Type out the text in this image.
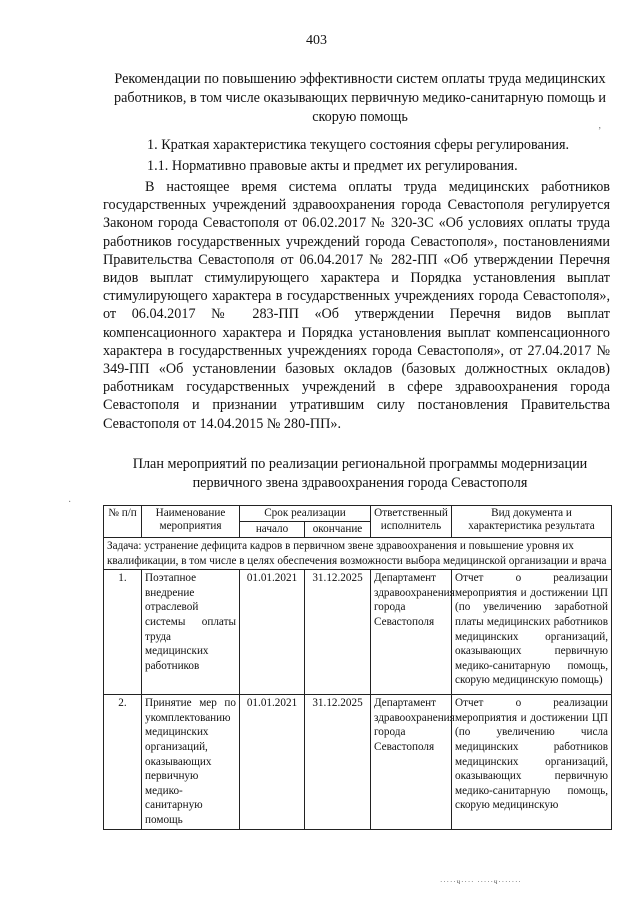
403
Рекомендации по повышению эффективности систем оплаты труда медицинских работников, в том числе оказывающих первичную медико-санитарную помощь и скорую помощь
1. Краткая характеристика текущего состояния сферы регулирования.
1.1. Нормативно правовые акты и предмет их регулирования.
В настоящее время система оплаты труда медицинских работников государственных учреждений здравоохранения города Севастополя регулируется Законом города Севастополя от 06.02.2017 № 320-ЗС «Об условиях оплаты труда работников государственных учреждений города Севастополя», постановлениями Правительства Севастополя от 06.04.2017 № 282-ПП «Об утверждении Перечня видов выплат стимулирующего характера и Порядка установления выплат стимулирующего характера в государственных учреждениях города Севастополя», от 06.04.2017 № 283-ПП «Об утверждении Перечня видов выплат компенсационного характера и Порядка установления выплат компенсационного характера в государственных учреждениях города Севастополя», от 27.04.2017 № 349-ПП «Об установлении базовых окладов (базовых должностных окладов) работникам государственных учреждений в сфере здравоохранения города Севастополя и признании утратившим силу постановления Правительства Севастополя от 14.04.2015 № 280-ПП».
План мероприятий по реализации региональной программы модернизации первичного звена здравоохранения города Севастополя
№ п/п	Наименование мероприятия	Срок реализации		Ответственный исполнитель	Вид документа и характеристика результата
		начало	окончание		
Задача: устранение дефицита кадров в первичном звене здравоохранения и повышение уровня их квалификации, в том числе в целях обеспечения возможности выбора медицинской организации и врача					
1.	Поэтапное внедрение отраслевой системы оплаты труда медицинских работников	01.01.2021	31.12.2025	Департамент здравоохранения города Севастополя	Отчет о реализации мероприятия и достижении ЦП (по увеличению заработной платы медицинских работников медицинских организаций, оказывающих первичную медико-санитарную помощь, скорую медицинскую помощь)
2.	Принятие мер по укомплектованию медицинских организаций, оказывающих первичную медико-санитарную помощь	01.01.2021	31.12.2025	Департамент здравоохранения города Севастополя	Отчет о реализации мероприятия и достижении ЦП (по увеличению числа медицинских работников медицинских организаций, оказывающих первичную медико-санитарную помощь, скорую медицинскую
‚
·
·····ч···· ·····ч·······
